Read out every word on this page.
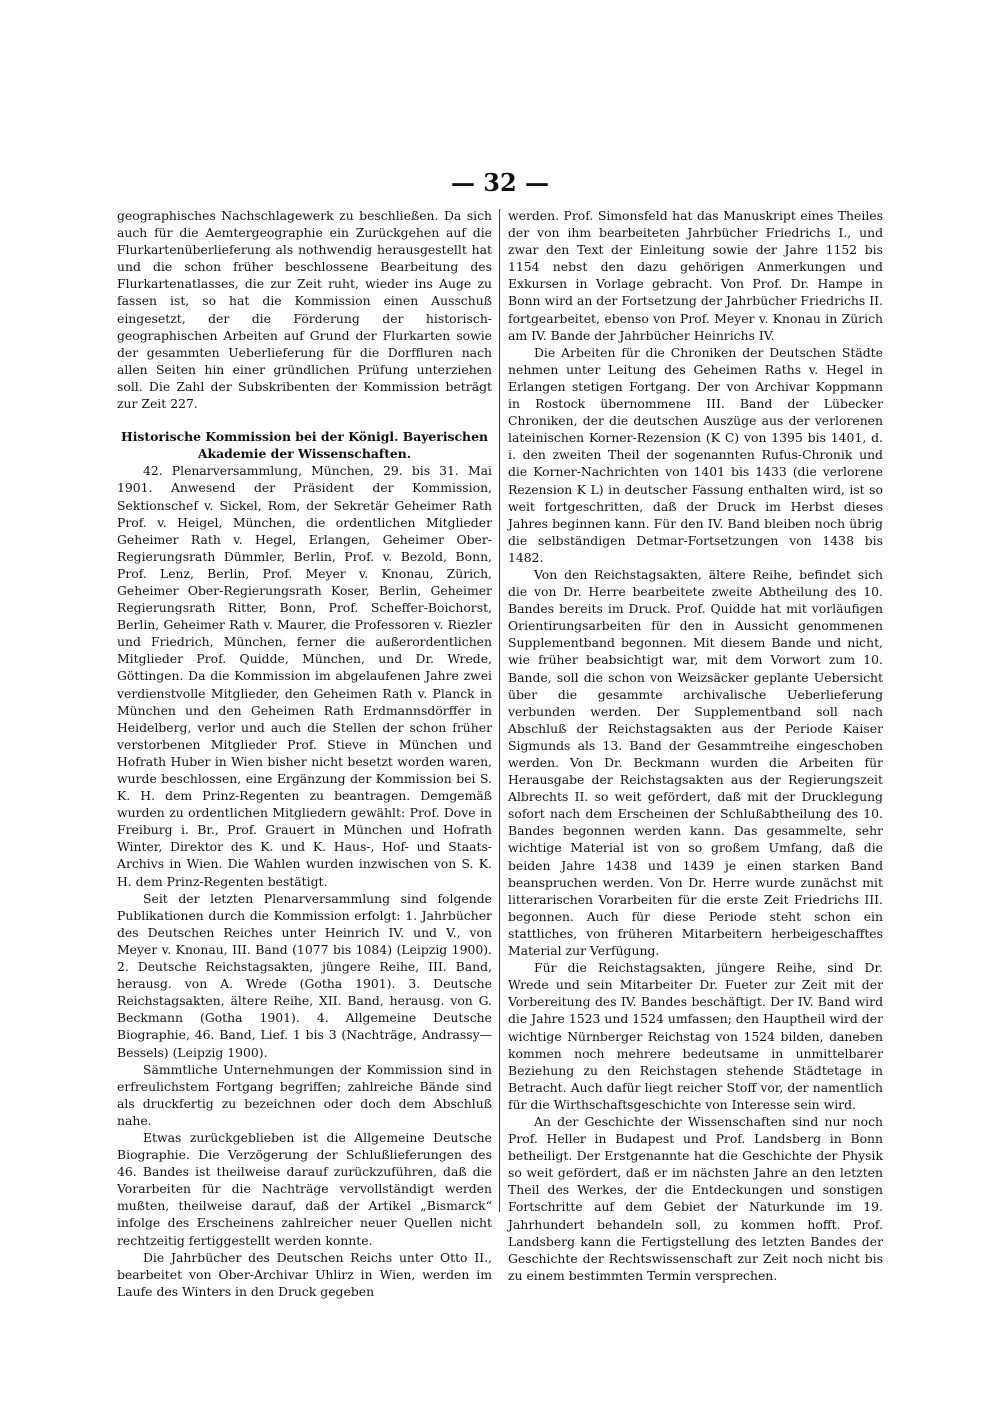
— 32 —

geographisches Nachschlagewerk zu beschließen. Da sich auch für die Aemtergeographie ein Zurückgehen auf die Flurkartenüberlieferung als nothwendig herausgestellt hat und die schon früher beschlossene Bearbeitung des Flurkartenatlasses, die zur Zeit ruht, wieder ins Auge zu fassen ist, so hat die Kommission einen Ausschuß eingesetzt, der die Förderung der historisch-geographischen Arbeiten auf Grund der Flurkarten sowie der gesammten Ueberlieferung für die Dorffluren nach allen Seiten hin einer gründlichen Prüfung unterziehen soll. Die Zahl der Subskribenten der Kommission beträgt zur Zeit 227.

Historische Kommission bei der Königl. Bayerischen
Akademie der Wissenschaften.

42. Plenarversammlung, München, 29. bis 31. Mai 1901. Anwesend der Präsident der Kommission, Sektionschef v. Sickel, Rom, der Sekretär Geheimer Rath Prof. v. Heigel, München, die ordentlichen Mitglieder Geheimer Rath v. Hegel, Erlangen, Geheimer Ober-Regierungsrath Dümmler, Berlin, Prof. v. Bezold, Bonn, Prof. Lenz, Berlin, Prof. Meyer v. Knonau, Zürich, Geheimer Ober-Regierungsrath Koser, Berlin, Geheimer Regierungsrath Ritter, Bonn, Prof. Scheffer-Boichorst, Berlin, Geheimer Rath v. Maurer, die Professoren v. Riezler und Friedrich, München, ferner die außerordentlichen Mitglieder Prof. Quidde, München, und Dr. Wrede, Göttingen. Da die Kommission im abgelaufenen Jahre zwei verdienstvolle Mitglieder, den Geheimen Rath v. Planck in München und den Geheimen Rath Erdmannsdörffer in Heidelberg, verlor und auch die Stellen der schon früher verstorbenen Mitglieder Prof. Stieve in München und Hofrath Huber in Wien bisher nicht besetzt worden waren, wurde beschlossen, eine Ergänzung der Kommission bei S. K. H. dem Prinz-Regenten zu beantragen. Demgemäß wurden zu ordentlichen Mitgliedern gewählt: Prof. Dove in Freiburg i. Br., Prof. Grauert in München und Hofrath Winter, Direktor des K. und K. Haus-, Hof- und Staats-Archivs in Wien. Die Wahlen wurden inzwischen von S. K. H. dem Prinz-Regenten bestätigt.

Seit der letzten Plenarversammlung sind folgende Publikationen durch die Kommission erfolgt: 1. Jahrbücher des Deutschen Reiches unter Heinrich IV. und V., von Meyer v. Knonau, III. Band (1077 bis 1084) (Leipzig 1900). 2. Deutsche Reichstagsakten, jüngere Reihe, III. Band, herausg. von A. Wrede (Gotha 1901). 3. Deutsche Reichstagsakten, ältere Reihe, XII. Band, herausg. von G. Beckmann (Gotha 1901). 4. Allgemeine Deutsche Biographie, 46. Band, Lief. 1 bis 3 (Nachträge, Andrassy—Bessels) (Leipzig 1900).

Sämmtliche Unternehmungen der Kommission sind in erfreulichstem Fortgang begriffen; zahlreiche Bände sind als druckfertig zu bezeichnen oder doch dem Abschluß nahe.

Etwas zurückgeblieben ist die Allgemeine Deutsche Biographie. Die Verzögerung der Schlußlieferungen des 46. Bandes ist theilweise darauf zurückzuführen, daß die Vorarbeiten für die Nachträge vervollständigt werden mußten, theilweise darauf, daß der Artikel „Bismarck“ infolge des Erscheinens zahlreicher neuer Quellen nicht rechtzeitig fertiggestellt werden konnte.

Die Jahrbücher des Deutschen Reichs unter Otto II., bearbeitet von Ober-Archivar Uhlirz in Wien, werden im Laufe des Winters in den Druck gegeben

werden. Prof. Simonsfeld hat das Manuskript eines Theiles der von ihm bearbeiteten Jahrbücher Friedrichs I., und zwar den Text der Einleitung sowie der Jahre 1152 bis 1154 nebst den dazu gehörigen Anmerkungen und Exkursen in Vorlage gebracht. Von Prof. Dr. Hampe in Bonn wird an der Fortsetzung der Jahrbücher Friedrichs II. fortgearbeitet, ebenso von Prof. Meyer v. Knonau in Zürich am IV. Bande der Jahrbücher Heinrichs IV.

Die Arbeiten für die Chroniken der Deutschen Städte nehmen unter Leitung des Geheimen Raths v. Hegel in Erlangen stetigen Fortgang. Der von Archivar Koppmann in Rostock übernommene III. Band der Lübecker Chroniken, der die deutschen Auszüge aus der verlorenen lateinischen Korner-Rezension (K C) von 1395 bis 1401, d. i. den zweiten Theil der sogenannten Rufus-Chronik und die Korner-Nachrichten von 1401 bis 1433 (die verlorene Rezension K L) in deutscher Fassung enthalten wird, ist so weit fortgeschritten, daß der Druck im Herbst dieses Jahres beginnen kann. Für den IV. Band bleiben noch übrig die selbständigen Detmar-Fortsetzungen von 1438 bis 1482.

Von den Reichstagsakten, ältere Reihe, befindet sich die von Dr. Herre bearbeitete zweite Abtheilung des 10. Bandes bereits im Druck. Prof. Quidde hat mit vorläufigen Orientirungsarbeiten für den in Aussicht genommenen Supplementband begonnen. Mit diesem Bande und nicht, wie früher beabsichtigt war, mit dem Vorwort zum 10. Bande, soll die schon von Weizsäcker geplante Uebersicht über die gesammte archivalische Ueberlieferung verbunden werden. Der Supplementband soll nach Abschluß der Reichstagsakten aus der Periode Kaiser Sigmunds als 13. Band der Gesammtreihe eingeschoben werden. Von Dr. Beckmann wurden die Arbeiten für Herausgabe der Reichstagsakten aus der Regierungszeit Albrechts II. so weit gefördert, daß mit der Drucklegung sofort nach dem Erscheinen der Schlußabtheilung des 10. Bandes begonnen werden kann. Das gesammelte, sehr wichtige Material ist von so großem Umfang, daß die beiden Jahre 1438 und 1439 je einen starken Band beanspruchen werden. Von Dr. Herre wurde zunächst mit litterarischen Vorarbeiten für die erste Zeit Friedrichs III. begonnen. Auch für diese Periode steht schon ein stattliches, von früheren Mitarbeitern herbeigeschafftes Material zur Verfügung.

Für die Reichstagsakten, jüngere Reihe, sind Dr. Wrede und sein Mitarbeiter Dr. Fueter zur Zeit mit der Vorbereitung des IV. Bandes beschäftigt. Der IV. Band wird die Jahre 1523 und 1524 umfassen; den Hauptheil wird der wichtige Nürnberger Reichstag von 1524 bilden, daneben kommen noch mehrere bedeutsame in unmittelbarer Beziehung zu den Reichstagen stehende Städtetage in Betracht. Auch dafür liegt reicher Stoff vor, der namentlich für die Wirthschaftsgeschichte von Interesse sein wird.

An der Geschichte der Wissenschaften sind nur noch Prof. Heller in Budapest und Prof. Landsberg in Bonn betheiligt. Der Erstgenannte hat die Geschichte der Physik so weit gefördert, daß er im nächsten Jahre an den letzten Theil des Werkes, der die Entdeckungen und sonstigen Fortschritte auf dem Gebiet der Naturkunde im 19. Jahrhundert behandeln soll, zu kommen hofft. Prof. Landsberg kann die Fertigstellung des letzten Bandes der Geschichte der Rechtswissenschaft zur Zeit noch nicht bis zu einem bestimmten Termin versprechen.
